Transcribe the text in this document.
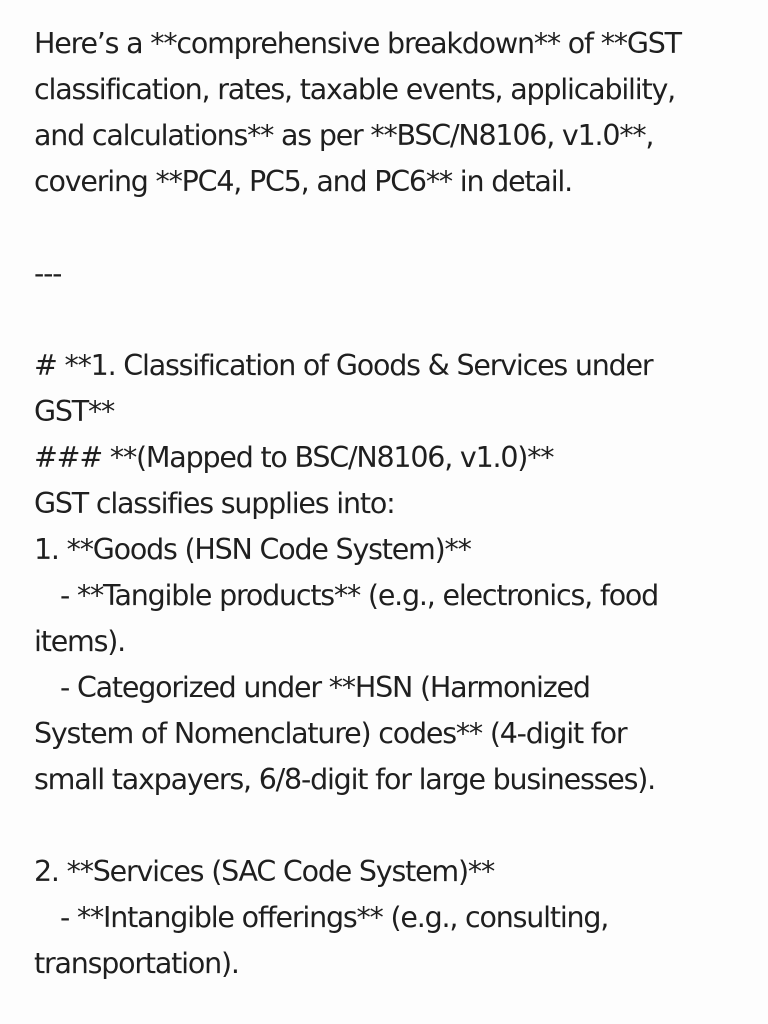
Here’s a **comprehensive breakdown** of **GST
classification, rates, taxable events, applicability,
and calculations** as per **BSC/N8106, v1.0**,
covering **PC4, PC5, and PC6** in detail.
---
# **1. Classification of Goods & Services under
GST**
### **(Mapped to BSC/N8106, v1.0)**
GST classifies supplies into:
1. **Goods (HSN Code System)**
- **Tangible products** (e.g., electronics, food
items).
- Categorized under **HSN (Harmonized
System of Nomenclature) codes** (4-digit for
small taxpayers, 6/8-digit for large businesses).
2. **Services (SAC Code System)**
- **Intangible offerings** (e.g., consulting,
transportation).
